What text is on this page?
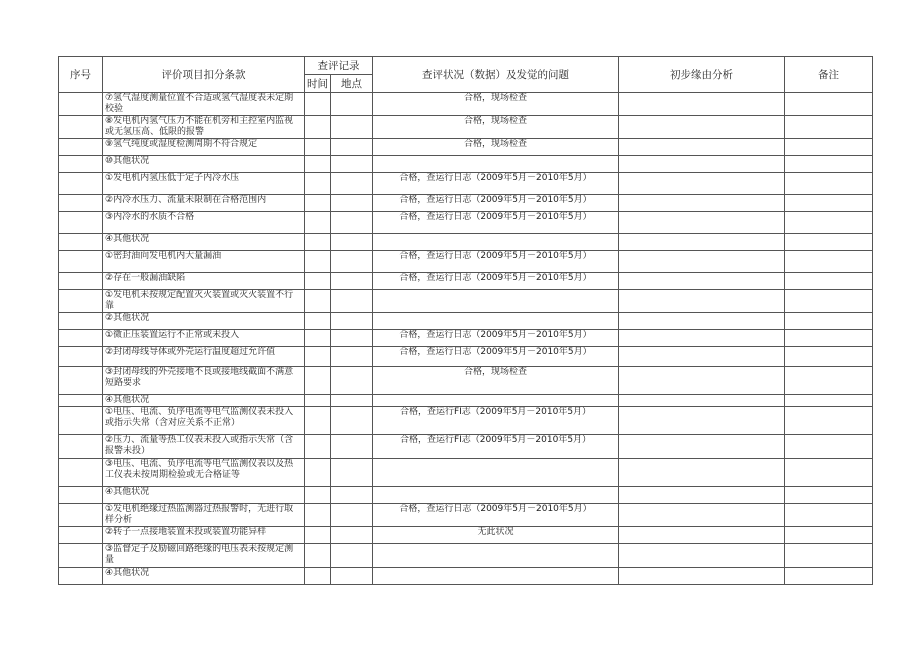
序号	评价项目扣分条款	查评记录		查评状况（数据）及发觉的问题	初步缘由分析	备注
		时间	地点			
	⑦氢气湿度测量位置不合适或氢气湿度表未定期校验			合格，现场检查		
	⑧发电机内氢气压力不能在机旁和主控室内监视或无氢压高、低限的报警			合格，现场检查		
	⑨氢气纯度或湿度检测周期不符合规定			合格，现场检查		
	⑩其他状况					
	①发电机内氢压低于定子内冷水压			合格，查运行日志（2009年5月－2010年5月）		
	②内冷水压力、流量未限制在合格范围内			合格，查运行日志（2009年5月－2010年5月）		
	③内冷水的水质不合格			合格，查运行日志（2009年5月－2010年5月）		
	④其他状况					
	①密封油向发电机内大量漏油			合格，查运行日志（2009年5月－2010年5月）		
	②存在一般漏油缺陷			合格，查运行日志（2009年5月－2010年5月）		
	①发电机未按规定配置灭火装置或灭火装置不行靠					
	②其他状况					
	①微正压装置运行不正常或未投入			合格，查运行日志（2009年5月－2010年5月）		
	②封闭母线导体或外壳运行温度超过允许值			合格，查运行日志（2009年5月－2010年5月）		
	③封闭母线的外壳接地不良或接地线截面不满意短路要求			合格，现场检查		
	④其他状况					
	①电压、电流、负序电流等电气监测仪表未投入或指示失常（含对应关系不正常）			合格，查运行FI志（2009年5月－2010年5月）		
	②压力、流量等热工仪表未投入或指示失常（含报警未投）			合格，查运行FI志（2009年5月－2010年5月）		
	③电压、电流、负序电流等电气监测仪表以及热工仪表未按周期检验或无合格证等					
	④其他状况					
	①发电机绝缘过热监测器过热报警时，无进行取样分析			合格，查运行日志（2009年5月－2010年5月）		
	②转子一点接地装置未投或装置功能异样			无此状况		
	③监督定子及励磁回路绝缘的电压表未按规定测量					
	④其他状况					
